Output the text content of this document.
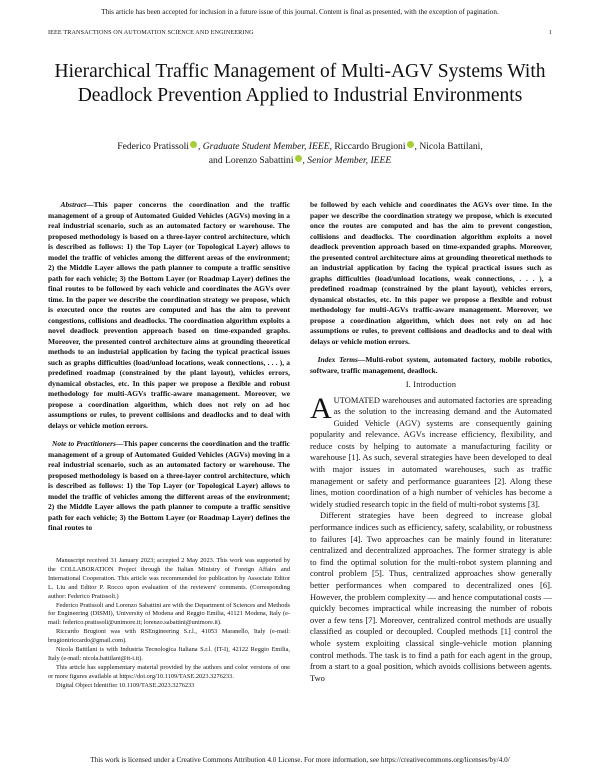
This article has been accepted for inclusion in a future issue of this journal. Content is final as presented, with the exception of pagination.
IEEE TRANSACTIONS ON AUTOMATION SCIENCE AND ENGINEERING	1
Hierarchical Traffic Management of Multi-AGV Systems With Deadlock Prevention Applied to Industrial Environments
Federico Pratissoli , Graduate Student Member, IEEE, Riccardo Brugioni , Nicola Battilani,
and Lorenzo Sabattini , Senior Member, IEEE

Abstract—This paper concerns the coordination and the traffic management of a group of Automated Guided Vehicles (AGVs) moving in a real industrial scenario, such as an automated factory or warehouse. The proposed methodology is based on a three-layer control architecture, which is described as follows: 1) the Top Layer (or Topological Layer) allows to model the traffic of vehicles among the different areas of the environment; 2) the Middle Layer allows the path planner to compute a traffic sensitive path for each vehicle; 3) the Bottom Layer (or Roadmap Layer) defines the final routes to be followed by each vehicle and coordinates the AGVs over time. In the paper we describe the coordination strategy we propose, which is executed once the routes are computed and has the aim to prevent congestions, collisions and deadlocks. The coordination algorithm exploits a novel deadlock prevention approach based on time-expanded graphs. Moreover, the presented control architecture aims at grounding theoretical methods to an industrial application by facing the typical practical issues such as graphs difficulties (load/unload locations, weak connections, . . . ), a predefined roadmap (constrained by the plant layout), vehicles errors, dynamical obstacles, etc. In this paper we propose a flexible and robust methodology for multi-AGVs traffic-aware management. Moreover, we propose a coordination algorithm, which does not rely on ad hoc assumptions or rules, to prevent collisions and deadlocks and to deal with delays or vehicle motion errors.

Note to Practitioners—This paper concerns the coordination and the traffic management of a group of Automated Guided Vehicles (AGVs) moving in a real industrial scenario, such as an automated factory or warehouse. The proposed methodology is based on a three-layer control architecture, which is described as follows: 1) the Top Layer (or Topological Layer) allows to model the traffic of vehicles among the different areas of the environment; 2) the Middle Layer allows the path planner to compute a traffic sensitive path for each vehicle; 3) the Bottom Layer (or Roadmap Layer) defines the final routes to

Manuscript received 31 January 2023; accepted 2 May 2023. This work was supported by the COLLABORATION Project through the Italian Ministry of Foreign Affairs and International Cooperation. This article was recommended for publication by Associate Editor L. Liu and Editor P. Rocco upon evaluation of the reviewers' comments. (Corresponding author: Federico Pratissoli.)

Federico Pratissoli and Lorenzo Sabattini are with the Department of Sciences and Methods for Engineering (DISMI), University of Modena and Reggio Emilia, 41121 Modena, Italy (e-mail: federico.pratissoli@unimore.it; lorenzo.sabattini@unimore.it).

Riccardo Brugioni was with RSEngineering S.r.l., 41053 Maranello, Italy (e-mail: brugioniriccardo@gmail.com).

Nicola Battilani is with Industria Tecnologica Italiana S.r.l. (IT-I), 42122 Reggio Emilia, Italy (e-mail: nicola.battilani@it-i.it).

This article has supplementary material provided by the authors and color versions of one or more figures available at https://doi.org/10.1109/TASE.2023.3276233.

Digital Object Identifier 10.1109/TASE.2023.3276233

be followed by each vehicle and coordinates the AGVs over time. In the paper we describe the coordination strategy we propose, which is executed once the routes are computed and has the aim to prevent congestion, collisions and deadlocks. The coordination algorithm exploits a novel deadlock prevention approach based on time-expanded graphs. Moreover, the presented control architecture aims at grounding theoretical methods to an industrial application by facing the typical practical issues such as graphs difficulties (load/unload locations, weak connections, . . . ), a predefined roadmap (constrained by the plant layout), vehicles errors, dynamical obstacles, etc. In this paper we propose a flexible and robust methodology for multi-AGVs traffic-aware management. Moreover, we propose a coordination algorithm, which does not rely on ad hoc assumptions or rules, to prevent collisions and deadlocks and to deal with delays or vehicle motion errors.

Index Terms—Multi-robot system, automated factory, mobile robotics, software, traffic management, deadlock.

I. Introduction

AUTOMATED warehouses and automated factories are spreading as the solution to the increasing demand and the Automated Guided Vehicle (AGV) systems are consequently gaining popularity and relevance. AGVs increase efficiency, flexibility, and reduce costs by helping to automate a manufacturing facility or warehouse [1]. As such, several strategies have been developed to deal with major issues in automated warehouses, such as traffic management or safety and performance guarantees [2]. Along these lines, motion coordination of a high number of vehicles has become a widely studied research topic in the field of multi-robot systems [3].

Different strategies have been degreed to increase global performance indices such as efficiency, safety, scalability, or robustness to failures [4]. Two approaches can be mainly found in literature: centralized and decentralized approaches. The former strategy is able to find the optimal solution for the multi-robot system planning and control problem [5]. Thus, centralized approaches show generally better performances when compared to decentralized ones [6]. However, the problem complexity — and hence computational costs — quickly becomes impractical while increasing the number of robots over a few tens [7]. Moreover, centralized control methods are usually classified as coupled or decoupled. Coupled methods [1] control the whole system exploiting classical single-vehicle motion planning control methods. The task is to find a path for each agent in the group, from a start to a goal position, which avoids collisions between agents. Two

This work is licensed under a Creative Commons Attribution 4.0 License. For more information, see https://creativecommons.org/licenses/by/4.0/
